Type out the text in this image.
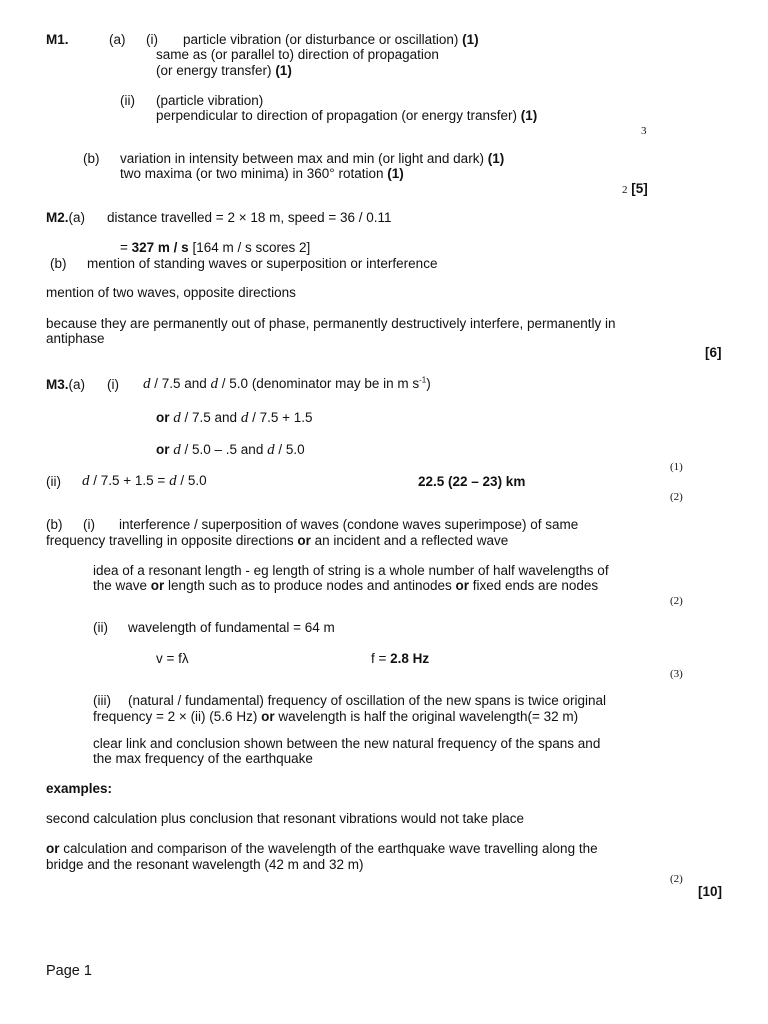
M1.	(a) (i) particle vibration (or disturbance or oscillation) (1)
same as (or parallel to) direction of propagation
(or energy transfer) (1)
(ii) (particle vibration)
perpendicular to direction of propagation (or energy transfer) (1)
3
(b) variation in intensity between max and min (or light and dark) (1)
two maxima (or two minima) in 360° rotation (1)
2 [5]
M2.(a) distance travelled = 2 × 18 m, speed = 36 / 0.11
= 327 m / s [164 m / s scores 2]
(b) mention of standing waves or superposition or interference
mention of two waves, opposite directions
because they are permanently out of phase, permanently destructively interfere, permanently in
antiphase
[6]
M3.(a) (i) d / 7.5 and d / 5.0 (denominator may be in m $s^{-1}$)
or d / 7.5 and d / 7.5 + 1.5
or d / 5.0 – .5 and d / 5.0
(1)
(ii) d / 7.5 + 1.5 = d / 5.0	22.5 (22 – 23) km
(2)
(b) (i) interference / superposition of waves (condone waves superimpose) of same
frequency travelling in opposite directions or an incident and a reflected wave
idea of a resonant length - eg length of string is a whole number of half wavelengths of
the wave or length such as to produce nodes and antinodes or fixed ends are nodes
(2)
(ii) wavelength of fundamental = 64 m
v = fλ	f = 2.8 Hz
(3)
(iii) (natural / fundamental) frequency of oscillation of the new spans is twice original
frequency = 2 × (ii) (5.6 Hz) or wavelength is half the original wavelength(= 32 m)
clear link and conclusion shown between the new natural frequency of the spans and
the max frequency of the earthquake
examples:
second calculation plus conclusion that resonant vibrations would not take place
or calculation and comparison of the wavelength of the earthquake wave travelling along the
bridge and the resonant wavelength (42 m and 32 m)
(2)
[10]
Page 1
